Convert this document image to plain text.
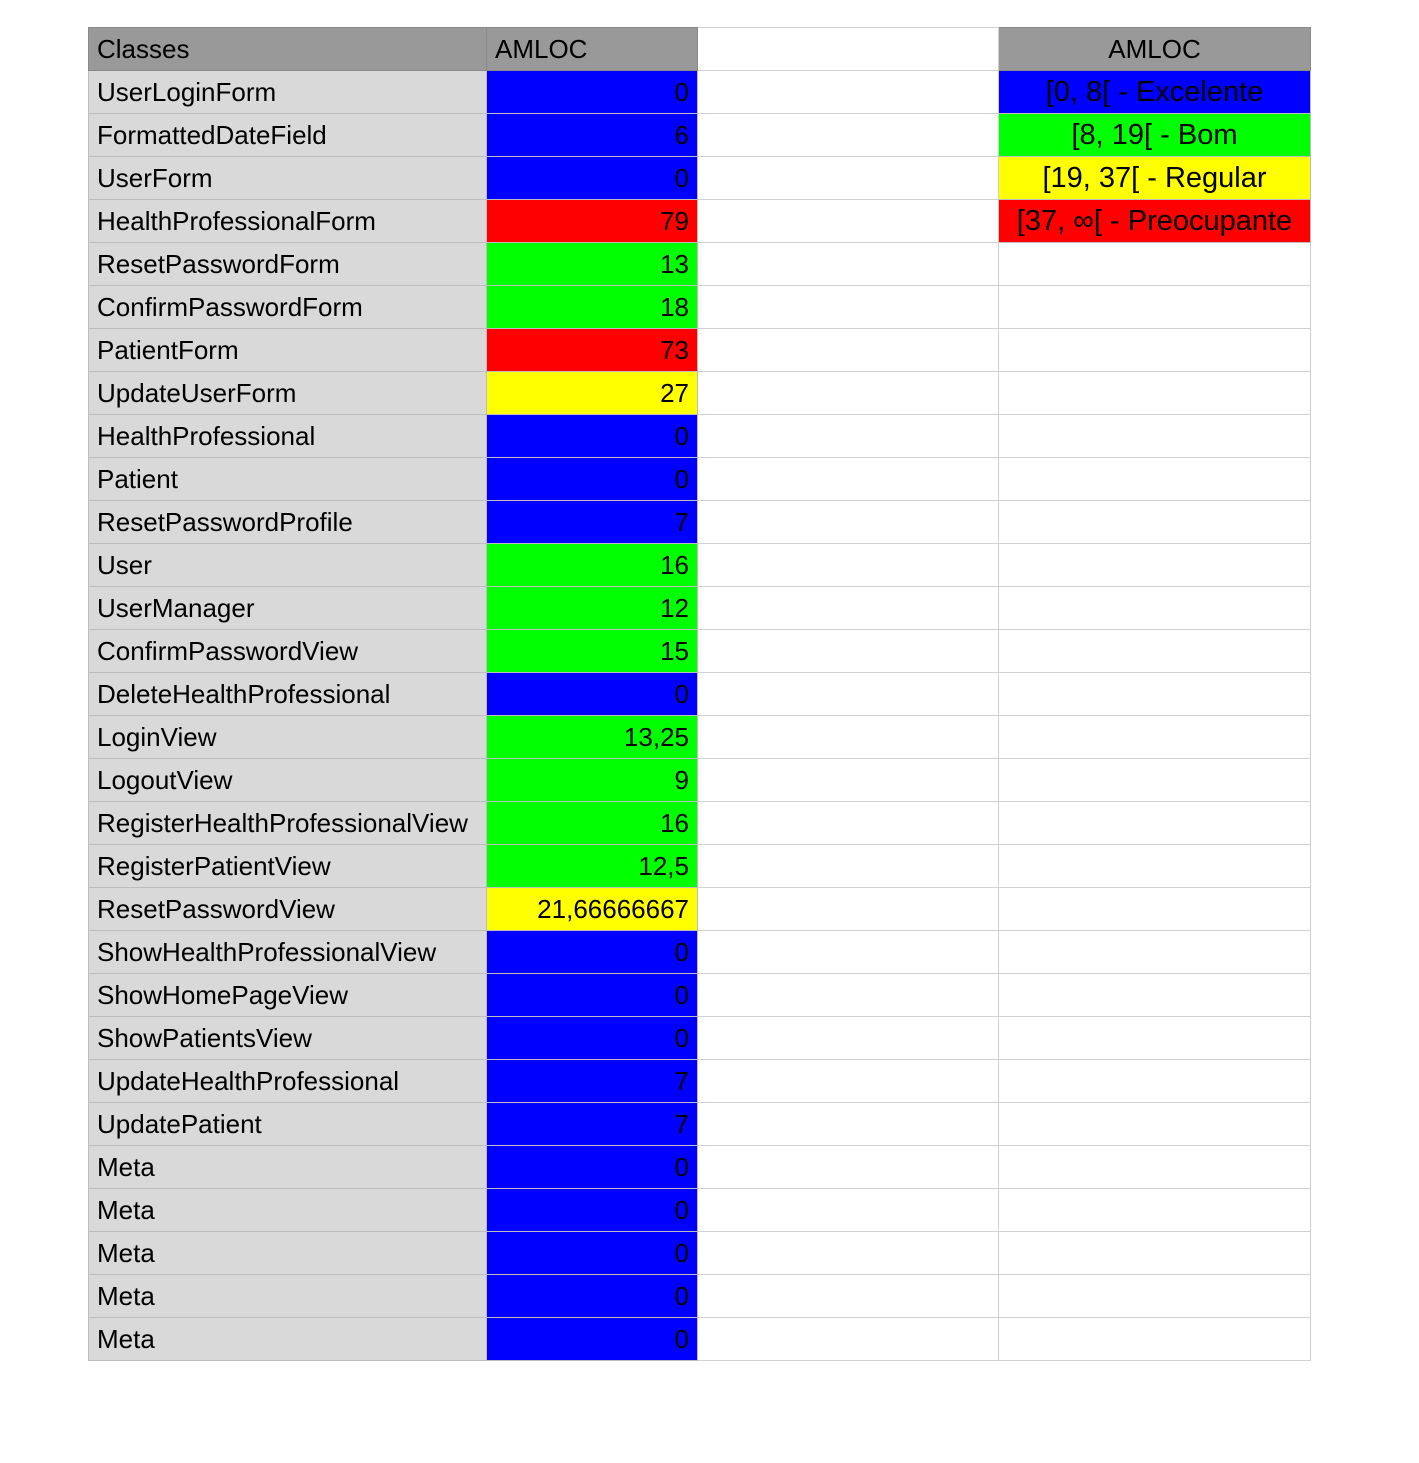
Classes	AMLOC		AMLOC
UserLoginForm	0		[0, 8[ - Excelente
FormattedDateField	6		[8, 19[ - Bom
UserForm	0		[19, 37[ - Regular
HealthProfessionalForm	79		[37, ∞[ - Preocupante
ResetPasswordForm	13		
ConfirmPasswordForm	18		
PatientForm	73		
UpdateUserForm	27		
HealthProfessional	0		
Patient	0		
ResetPasswordProfile	7		
User	16		
UserManager	12		
ConfirmPasswordView	15		
DeleteHealthProfessional	0		
LoginView	13,25		
LogoutView	9		
RegisterHealthProfessionalView	16		
RegisterPatientView	12,5		
ResetPasswordView	21,66666667		
ShowHealthProfessionalView	0		
ShowHomePageView	0		
ShowPatientsView	0		
UpdateHealthProfessional	7		
UpdatePatient	7		
Meta	0		
Meta	0		
Meta	0		
Meta	0		
Meta	0		
